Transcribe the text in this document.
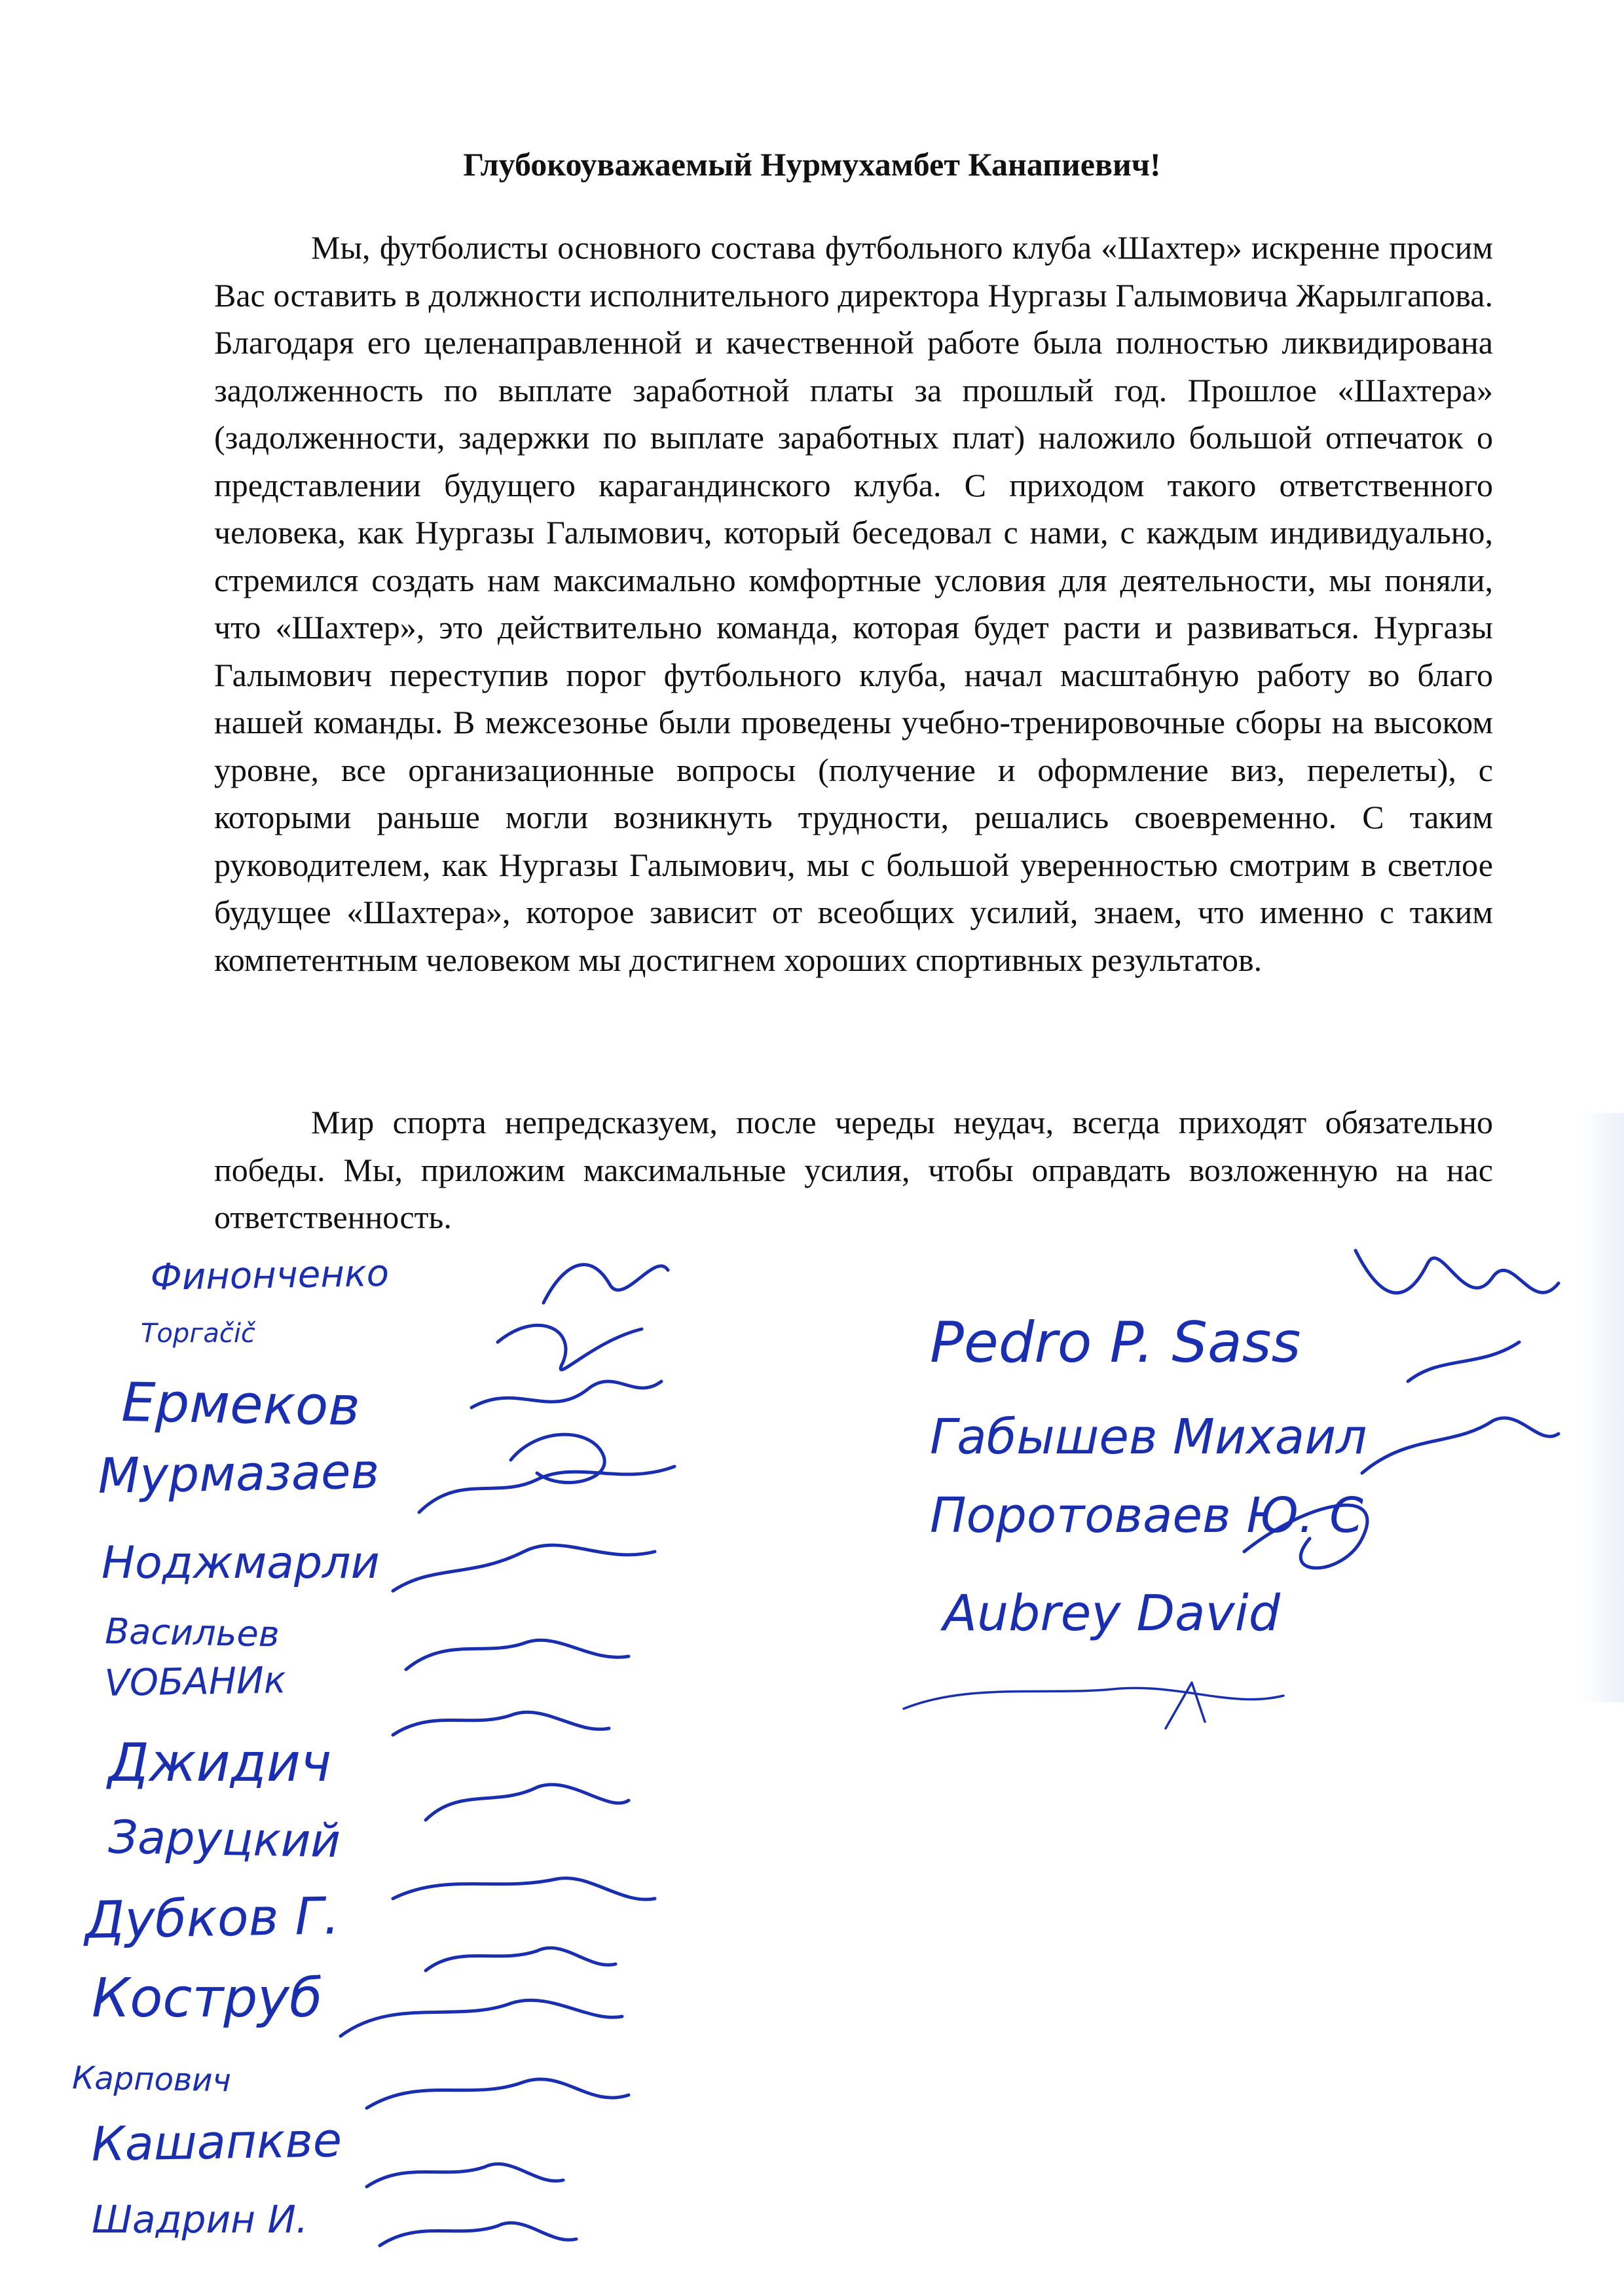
Глубокоуважаемый Нурмухамбет Канапиевич!

Мы, футболисты основного состава футбольного клуба «Шахтер» искренне просим Вас оставить в должности исполнительного директора Нургазы Галымовича Жарылгапова. Благодаря его целенаправленной и качественной работе была полностью ликвидирована задолженность по выплате заработной платы за прошлый год. Прошлое «Шахтера» (задолженности, задержки по выплате заработных плат) наложило большой отпечаток о представлении будущего карагандинского клуба. С приходом такого ответственного человека, как Нургазы Галымович, который беседовал с нами, с каждым индивидуально, стремился создать нам максимально комфортные условия для деятельности, мы поняли, что «Шахтер», это действительно команда, которая будет расти и развиваться. Нургазы Галымович переступив порог футбольного клуба, начал масштабную работу во благо нашей команды. В межсезонье были проведены учебно-тренировочные сборы на высоком уровне, все организационные вопросы (получение и оформление виз, перелеты), с которыми раньше могли возникнуть трудности, решались своевременно. С таким руководителем, как Нургазы Галымович, мы с большой уверенностью смотрим в светлое будущее «Шахтера», которое зависит от всеобщих усилий, знаем, что именно с таким компетентным человеком мы достигнем хороших спортивных результатов.

Мир спорта непредсказуем, после череды неудач, всегда приходят обязательно победы. Мы, приложим максимальные усилия, чтобы оправдать возложенную на нас ответственность.

Финонченко
Торгаčič
Ермеков
Мурмазаев
Ноджмарли
Васильев
VOБАНИк
Джидич
Заруцкий
Дубков Г.
Коструб
Карпович
Кашапкве
Шадрин И.
Pedro P. Sass
Габышев Михаил
Поротоваев Ю. С
Aubrey David
